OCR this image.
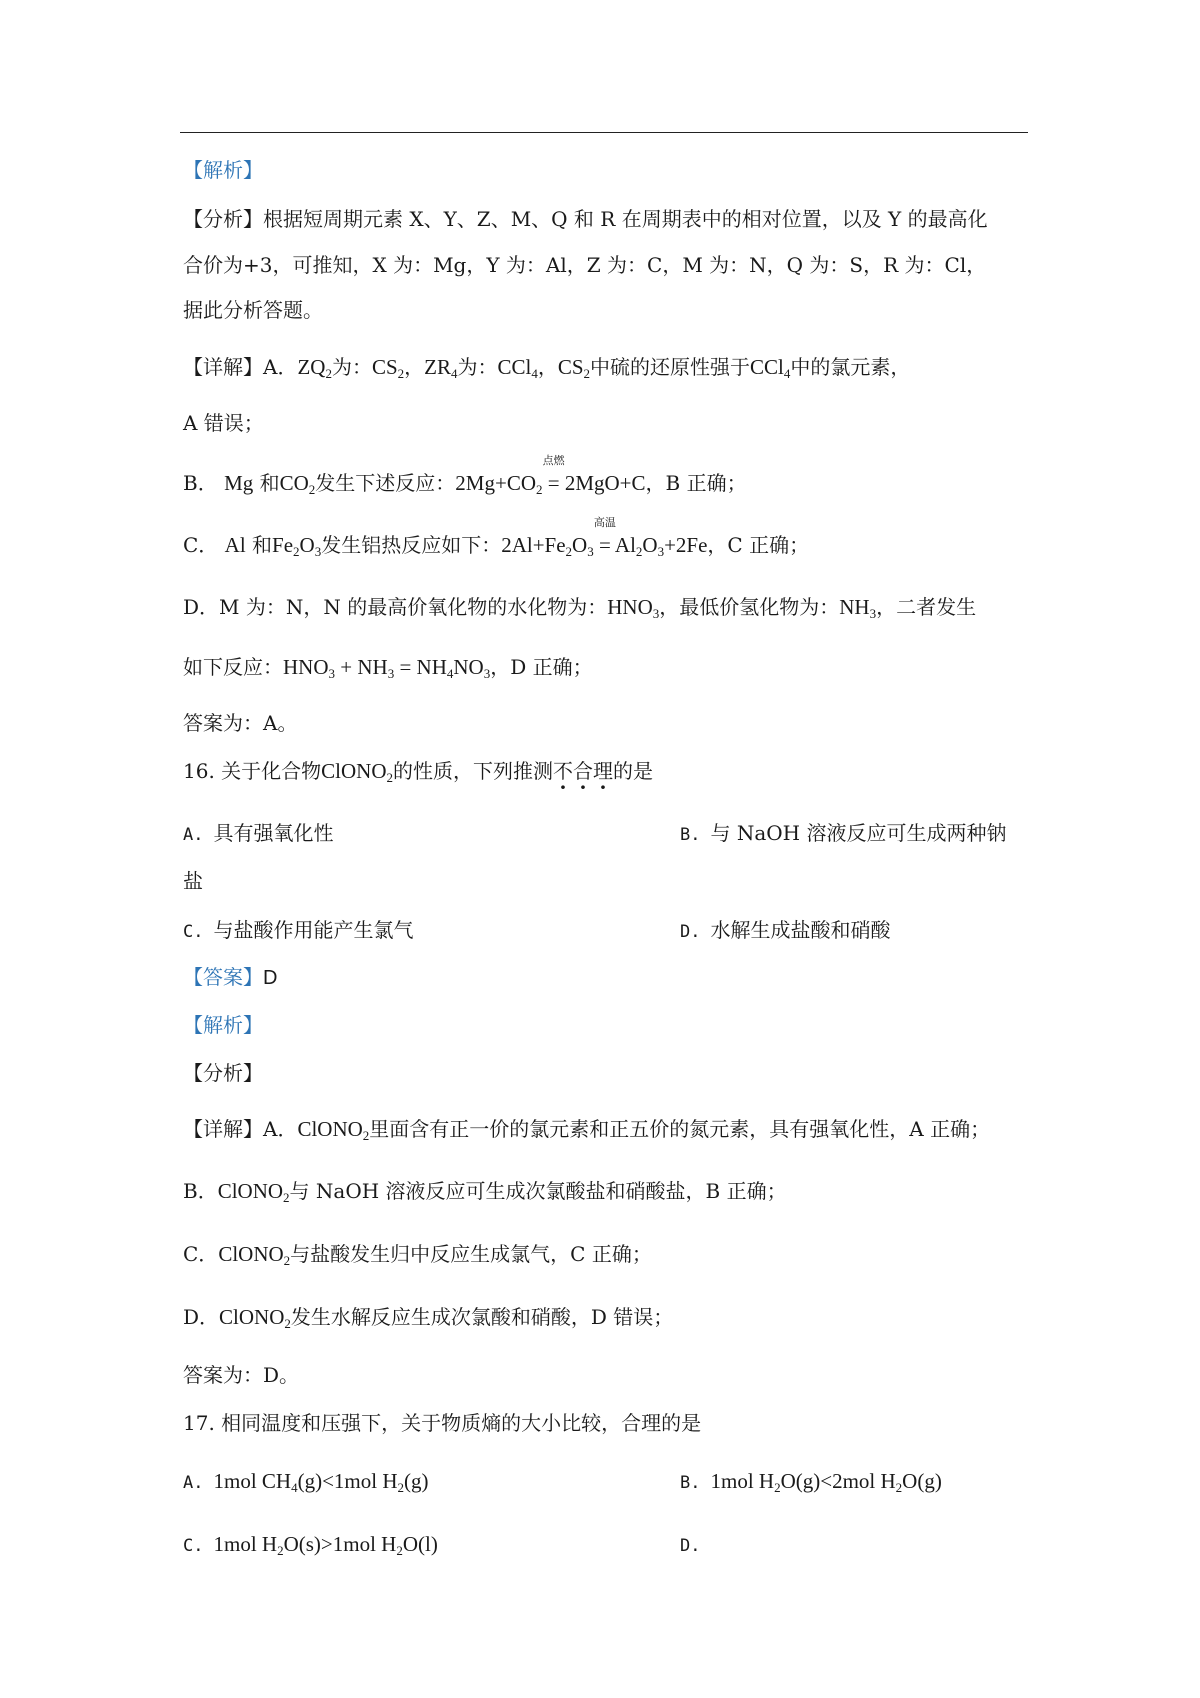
【解析】
【分析】根据短周期元素 X、Y、Z、M、Q 和 R 在周期表中的相对位置，以及 Y 的最高化
合价为+3，可推知，X 为：Mg，Y 为：Al，Z 为：C，M 为：N，Q 为：S，R 为：Cl，
据此分析答题。
【详解】A．$ZQ_2$为：$CS_2$，$ZR_4$为：CCl$_4$，$CS_2$中硫的还原性强于CCl$_4$中的氯元素，
A 错误；
B． Mg 和$CO_2$发生下述反应：$2Mg+CO_2$
点燃
= 2MgO+C，B 正确；
C． Al 和$Fe_2O_3$发生铝热反应如下：$2Al+Fe_2O_3$
高温
= $Al_2O_3+2Fe$，C 正确；
D．M 为：N，N 的最高价氧化物的水化物为：$HNO_3$，最低价氢化物为：$NH_3$，二者发生
如下反应：$HNO_3 + NH_3 = NH_4NO_3$，D 正确；
答案为：A。
16. 关于化合物ClONO$_2$的性质，下列推测不合理的是
A. 具有强氧化性	B. 与 NaOH 溶液反应可生成两种钠
盐
C. 与盐酸作用能产生氯气	D. 水解生成盐酸和硝酸
【答案】D
【解析】
【分析】
【详解】A．ClONO$_2$里面含有正一价的氯元素和正五价的氮元素，具有强氧化性，A 正确；
B．ClONO$_2$与 NaOH 溶液反应可生成次氯酸盐和硝酸盐，B 正确；
C．ClONO$_2$与盐酸发生归中反应生成氯气，C 正确；
D．ClONO$_2$发生水解反应生成次氯酸和硝酸，D 错误；
答案为：D。
17. 相同温度和压强下，关于物质熵的大小比较，合理的是
A. 1mol $CH_4(g)<1mol$ $H_2(g)$	B. 1mol $H_2O(g)<2mol$ $H_2O(g)$
C. 1mol $H_2O(s)>1mol$ $H_2O(l)$	D.
